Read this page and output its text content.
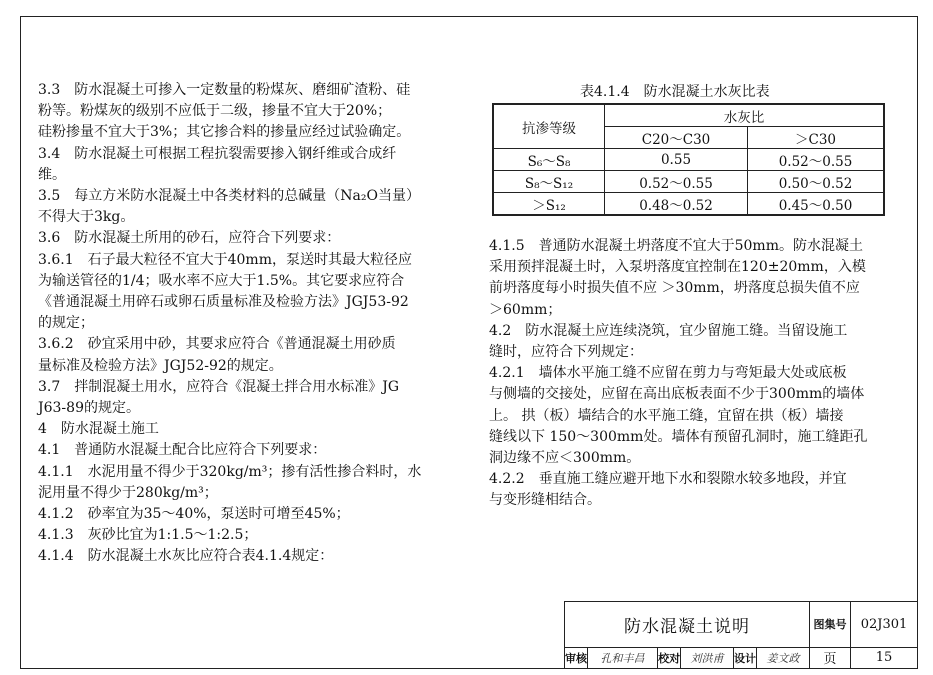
3.3　防水混凝土可掺入一定数量的粉煤灰、磨细矿渣粉、硅

粉等。粉煤灰的级别不应低于二级，掺量不宜大于20%；

硅粉掺量不宜大于3%；其它掺合料的掺量应经过试验确定。

3.4　防水混凝土可根据工程抗裂需要掺入钢纤维或合成纤

维。

3.5　每立方米防水混凝土中各类材料的总碱量（Na₂O当量）

不得大于3kg。

3.6　防水混凝土所用的砂石，应符合下列要求：

3.6.1　石子最大粒径不宜大于40mm，泵送时其最大粒径应

为输送管径的1/4；吸水率不应大于1.5%。其它要求应符合

《普通混凝土用碎石或卵石质量标准及检验方法》JGJ53-92

的规定；

3.6.2　砂宜采用中砂，其要求应符合《普通混凝土用砂质

量标准及检验方法》JGJ52-92的规定。

3.7　拌制混凝土用水，应符合《混凝土拌合用水标准》JG

J63-89的规定。

4　防水混凝土施工

4.1　普通防水混凝土配合比应符合下列要求：

4.1.1　水泥用量不得少于320kg/m³；掺有活性掺合料时，水

泥用量不得少于280kg/m³；

4.1.2　砂率宜为35～40%，泵送时可增至45%；

4.1.3　灰砂比宜为1:1.5～1:2.5；

4.1.4　防水混凝土水灰比应符合表4.1.4规定：

表4.1.4　防水混凝土水灰比表
抗渗等级	水灰比	
	C20～C30	＞C30
S₆～S₈	0.55	0.52～0.55
S₈～S₁₂	0.52～0.55	0.50～0.52
＞S₁₂	0.48～0.52	0.45～0.50

4.1.5　普通防水混凝土坍落度不宜大于50mm。防水混凝土

采用预拌混凝土时，入泵坍落度宜控制在120±20mm，入模

前坍落度每小时损失值不应 ＞30mm，坍落度总损失值不应

＞60mm；

4.2　防水混凝土应连续浇筑，宜少留施工缝。当留设施工

缝时，应符合下列规定：

4.2.1　墙体水平施工缝不应留在剪力与弯矩最大处或底板

与侧墙的交接处，应留在高出底板表面不少于300mm的墙体

上。 拱（板）墙结合的水平施工缝，宜留在拱（板）墙接

缝线以下 150～300mm处。墙体有预留孔洞时，施工缝距孔

洞边缘不应＜300mm。

4.2.2　垂直施工缝应避开地下水和裂隙水较多地段，并宜

与变形缝相结合。

防水混凝土说明						图集号	02J301
审核	孔和丰昌	校对	刘洪甫	设计	姜文政	页	15
